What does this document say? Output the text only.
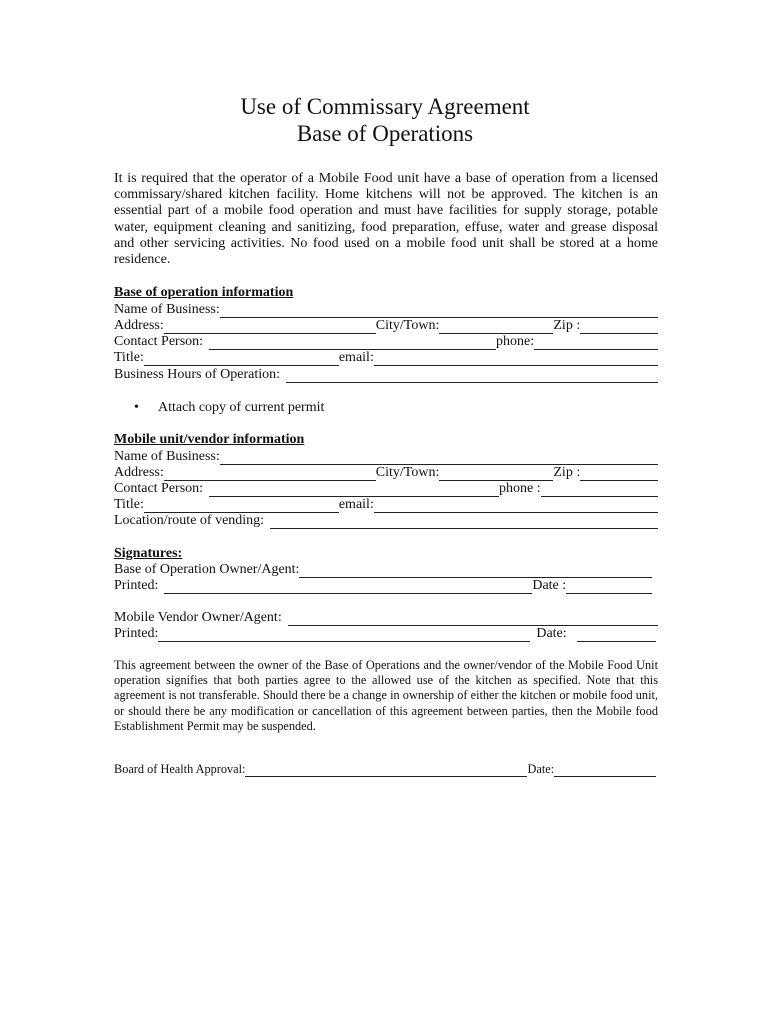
Use of Commissary Agreement
Base of Operations
It is required that the operator of a Mobile Food unit have a base of operation from a licensed commissary/shared kitchen facility. Home kitchens will not be approved. The kitchen is an essential part of a mobile food operation and must have facilities for supply storage, potable water, equipment cleaning and sanitizing, food preparation, effuse, water and grease disposal and other servicing activities. No food used on a mobile food unit shall be stored at a home residence.
Base of operation information
Name of Business:
Address:	City/Town:	Zip :
Contact Person:	phone:
Title:	email:
Business Hours of Operation:
• Attach copy of current permit
Mobile unit/vendor information
Name of Business:
Address:	City/Town:	Zip :
Contact Person:	phone :
Title:	email:
Location/route of vending:
Signatures:
Base of Operation Owner/Agent:
Printed:	Date :
Mobile Vendor Owner/Agent:
Printed:	Date:
This agreement between the owner of the Base of Operations and the owner/vendor of the Mobile Food Unit operation signifies that both parties agree to the allowed use of the kitchen as specified. Note that this agreement is not transferable. Should there be a change in ownership of either the kitchen or mobile food unit, or should there be any modification or cancellation of this agreement between parties, then the Mobile food Establishment Permit may be suspended.
Board of Health Approval:	Date:
